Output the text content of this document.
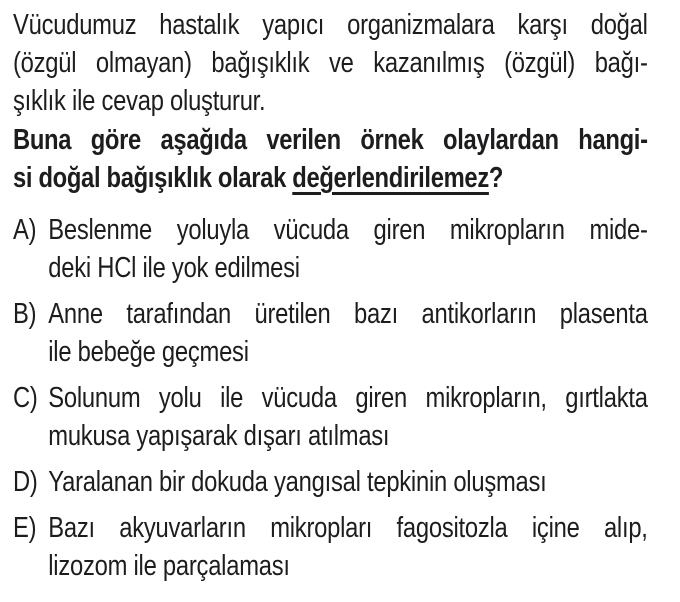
Vücudumuz hastalık yapıcı organizmalara karşı doğal
(özgül olmayan) bağışıklık ve kazanılmış (özgül) bağı-
şıklık ile cevap oluşturur.
Buna göre aşağıda verilen örnek olaylardan hangi-
si doğal bağışıklık olarak değerlendirilemez?
A) Beslenme yoluyla vücuda giren mikropların mide-
deki HCl ile yok edilmesi
B) Anne tarafından üretilen bazı antikorların plasenta
ile bebeğe geçmesi
C) Solunum yolu ile vücuda giren mikropların, gırtlakta
mukusa yapışarak dışarı atılması
D) Yaralanan bir dokuda yangısal tepkinin oluşması
E) Bazı akyuvarların mikropları fagositozla içine alıp,
lizozom ile parçalaması
